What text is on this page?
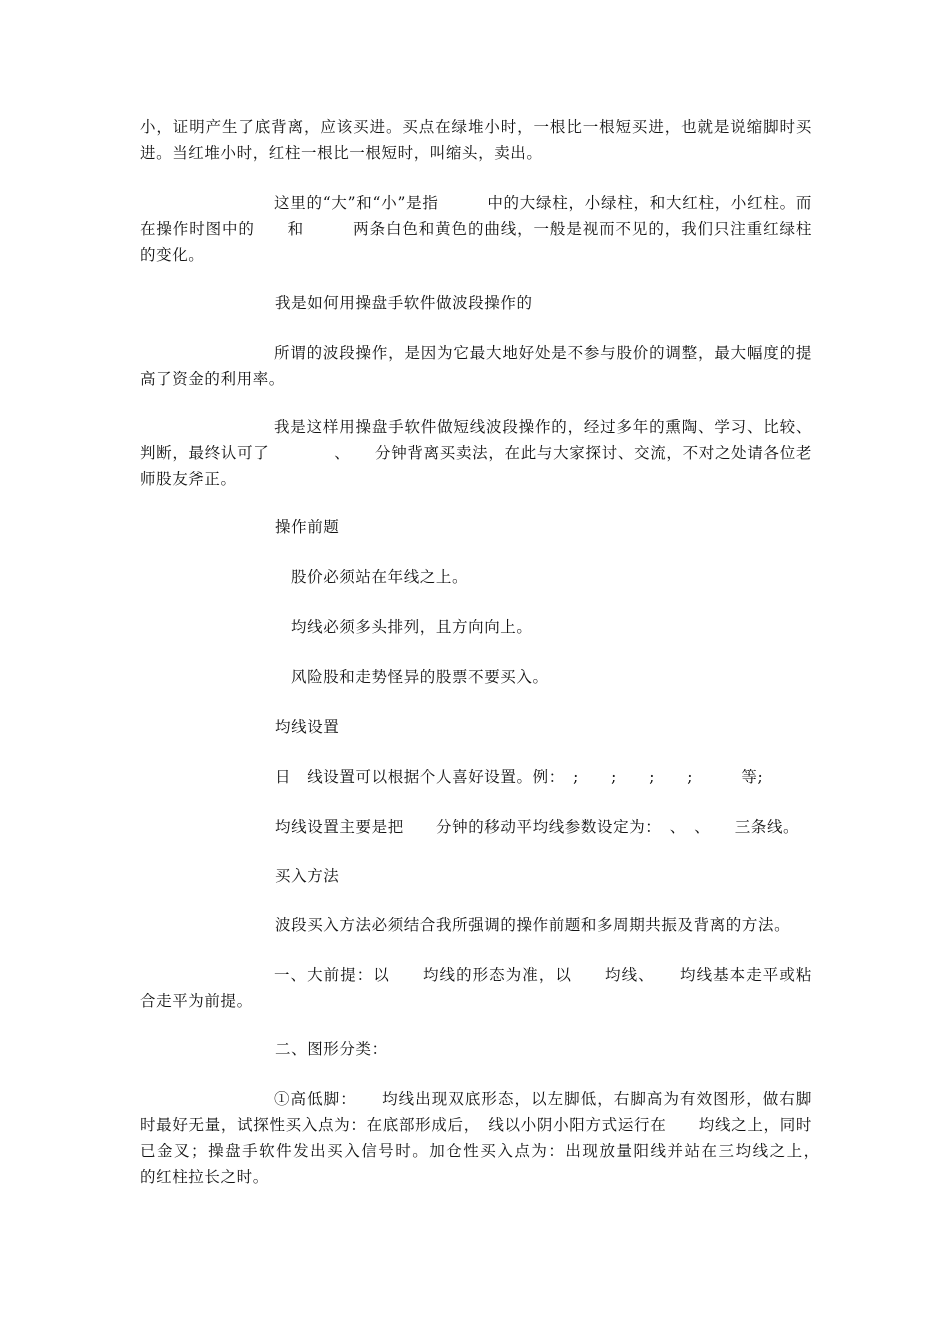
小，证明产生了底背离，应该买进。买点在绿堆小时，一根比一根短买进，也就是说缩脚时买进。当红堆小时，红柱一根比一根短时，叫缩头，卖出。

这里的“大”和“小”是指　　　中的大绿柱，小绿柱，和大红柱，小红柱。而在操作时图中的　　和　　　两条白色和黄色的曲线，一般是视而不见的，我们只注重红绿柱的变化。

我是如何用操盘手软件做波段操作的

所谓的波段操作，是因为它最大地好处是不参与股价的调整，最大幅度的提高了资金的利用率。

我是这样用操盘手软件做短线波段操作的，经过多年的熏陶、学习、比较、判断，最终认可了　　　　、　　分钟背离买卖法，在此与大家探讨、交流，不对之处请各位老师股友斧正。

操作前题

股价必须站在年线之上。

均线必须多头排列，且方向向上。

风险股和走势怪异的股票不要买入。

均线设置

日　线设置可以根据个人喜好设置。例：　;　　;　　;　　;　　　等;

均线设置主要是把　　分钟的移动平均线参数设定为：　、　、　　三条线。

买入方法

波段买入方法必须结合我所强调的操作前题和多周期共振及背离的方法。

一、大前提：以　　均线的形态为准，以　　均线、　　均线基本走平或粘合走平为前提。

二、图形分类：

①高低脚：　　均线出现双底形态，以左脚低，右脚高为有效图形，做右脚时最好无量，试探性买入点为：在底部形成后，　线以小阴小阳方式运行在　　均线之上，同时　　　已金叉；操盘手软件发出买入信号时。加仓性买入点为：出现放量阳线并站在三均线之上，　　　的红柱拉长之时。
